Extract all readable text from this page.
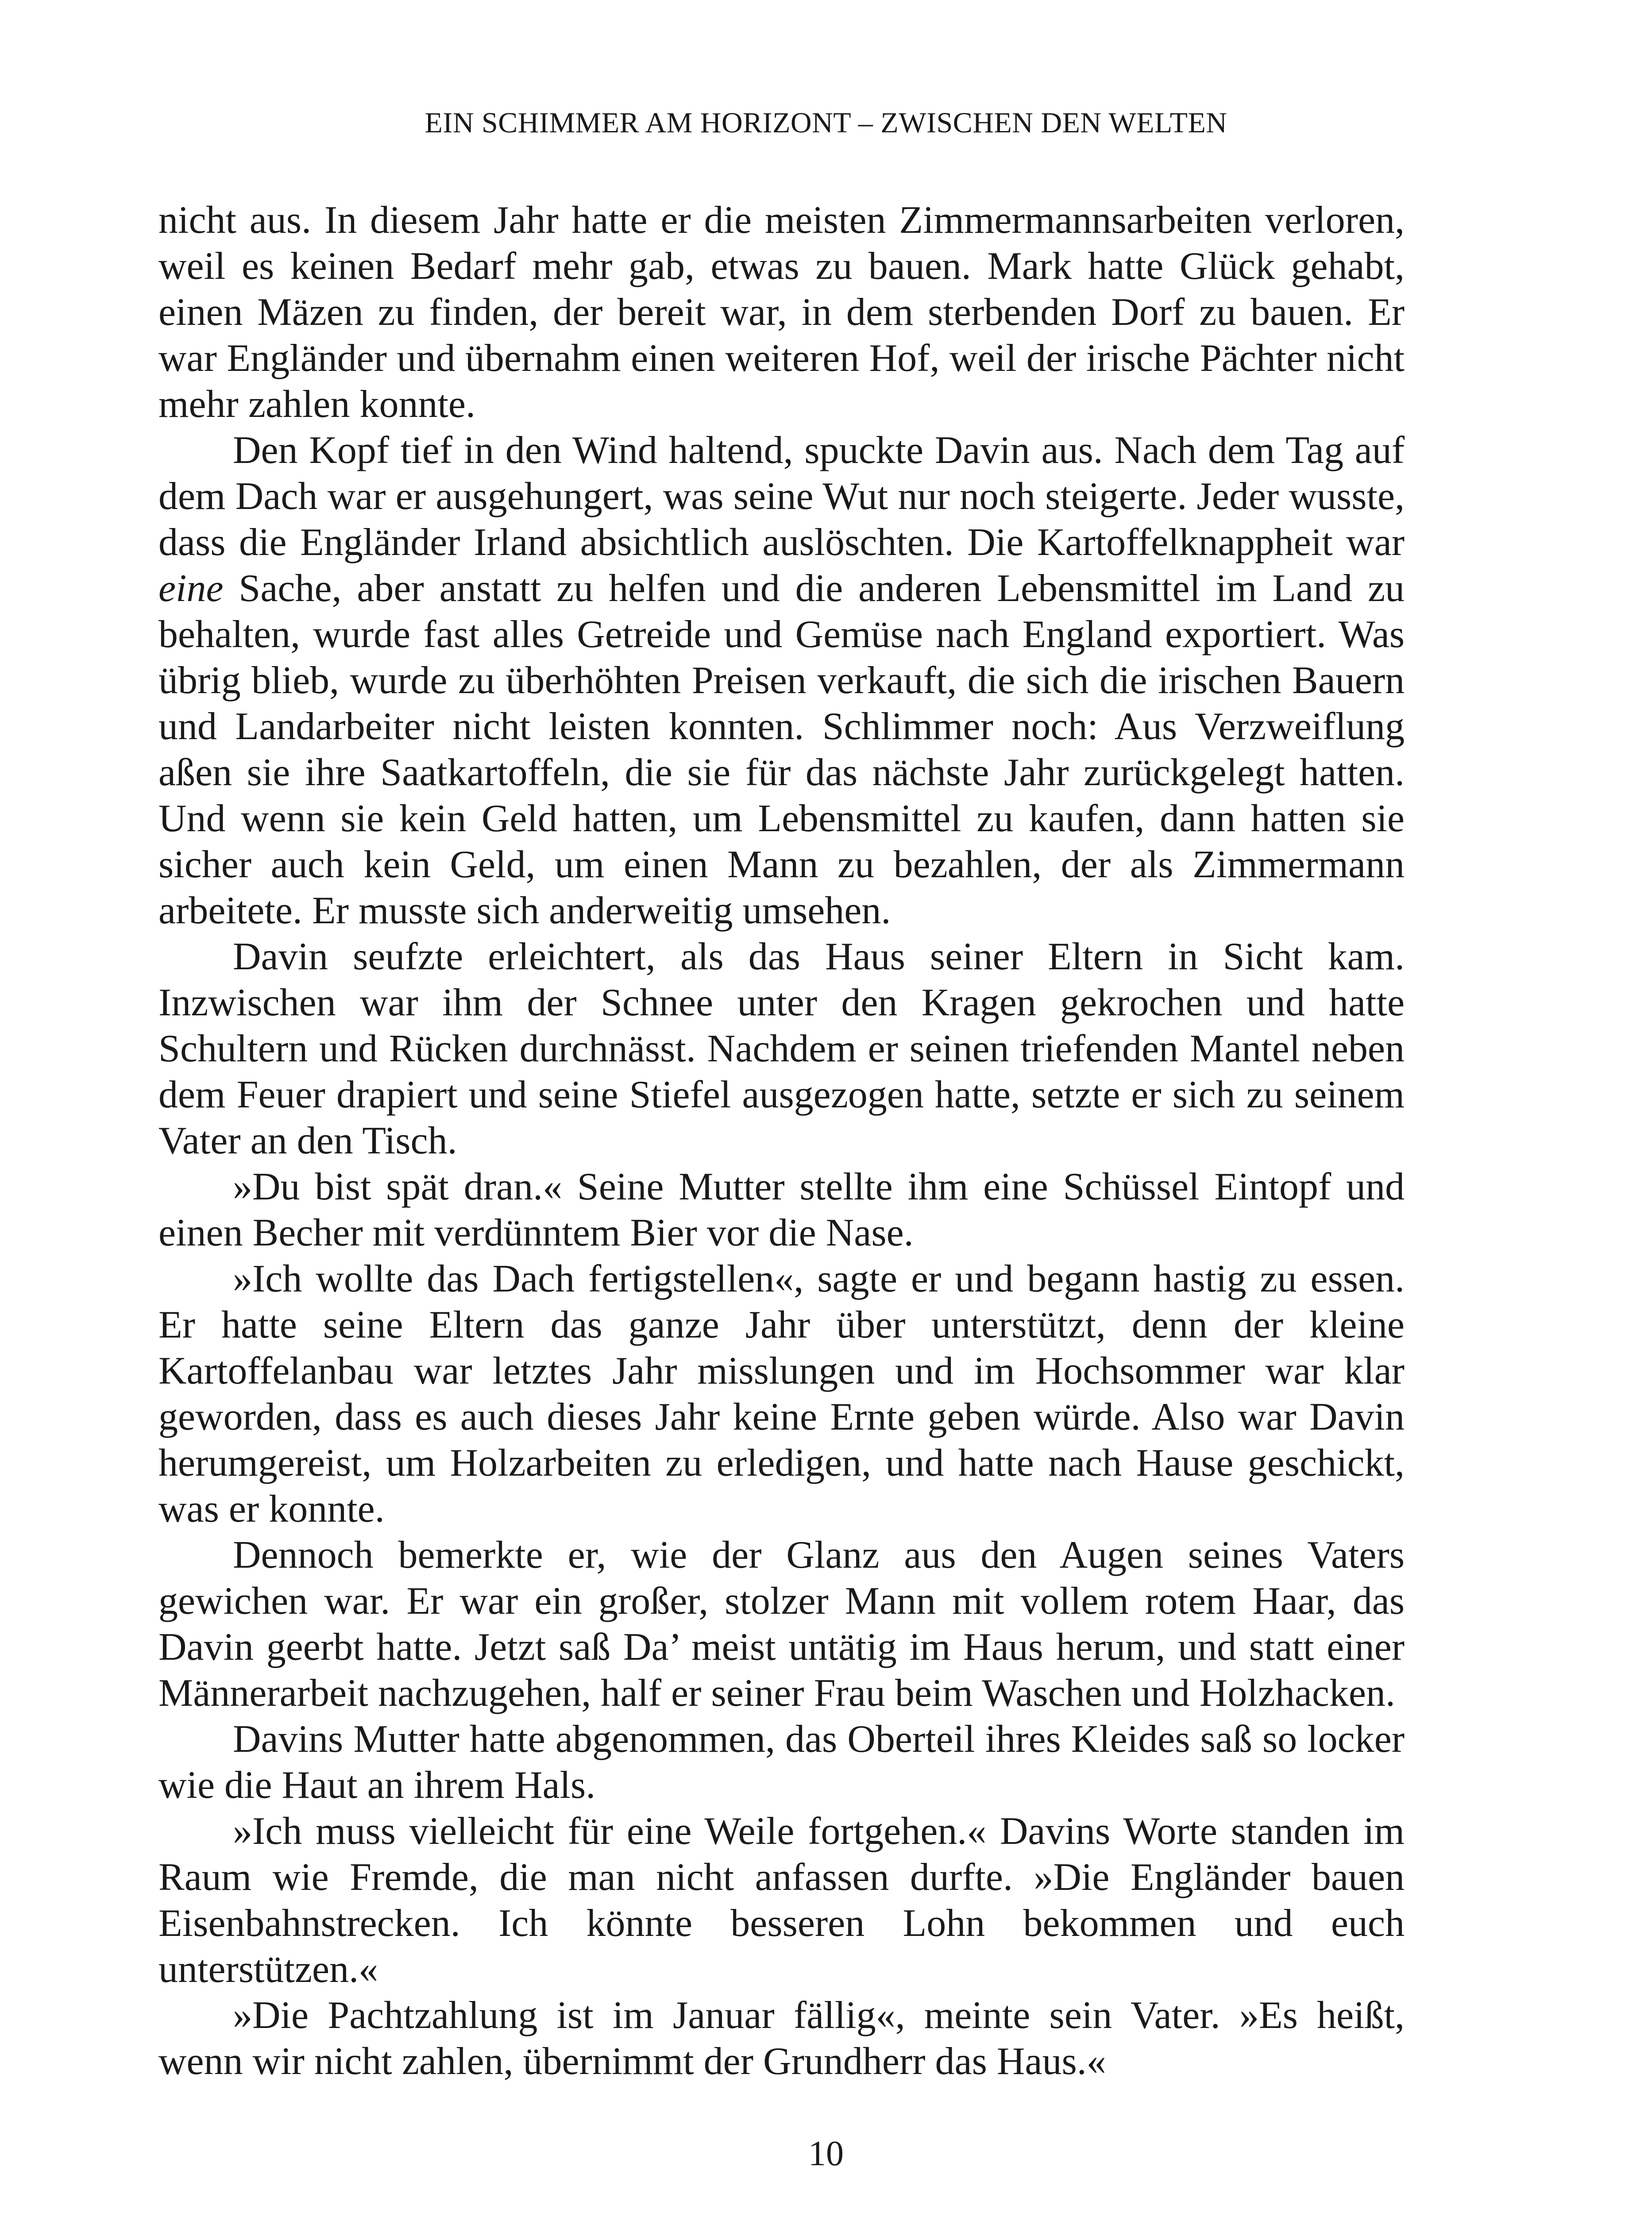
EIN SCHIMMER AM HORIZONT – ZWISCHEN DEN WELTEN

nicht aus. In diesem Jahr hatte er die meisten Zimmermannsarbeiten verloren, weil es keinen Bedarf mehr gab, etwas zu bauen. Mark hatte Glück gehabt, einen Mäzen zu finden, der bereit war, in dem sterbenden Dorf zu bauen. Er war Engländer und übernahm einen weiteren Hof, weil der irische Pächter nicht mehr zahlen konnte.

Den Kopf tief in den Wind haltend, spuckte Davin aus. Nach dem Tag auf dem Dach war er ausgehungert, was seine Wut nur noch steigerte. Jeder wusste, dass die Engländer Irland absichtlich auslöschten. Die Kartoffelknappheit war eine Sache, aber anstatt zu helfen und die anderen Lebensmittel im Land zu behalten, wurde fast alles Getreide und Gemüse nach England exportiert. Was übrig blieb, wurde zu überhöhten Preisen verkauft, die sich die irischen Bauern und Landarbeiter nicht leisten konnten. Schlimmer noch: Aus Verzweiflung aßen sie ihre Saatkartoffeln, die sie für das nächste Jahr zurückgelegt hatten. Und wenn sie kein Geld hatten, um Lebensmittel zu kaufen, dann hatten sie sicher auch kein Geld, um einen Mann zu bezahlen, der als Zimmermann arbeitete. Er musste sich anderweitig umsehen.

Davin seufzte erleichtert, als das Haus seiner Eltern in Sicht kam. Inzwischen war ihm der Schnee unter den Kragen gekrochen und hatte Schultern und Rücken durchnässt. Nachdem er seinen triefenden Mantel neben dem Feuer drapiert und seine Stiefel ausgezogen hatte, setzte er sich zu seinem Vater an den Tisch.

»Du bist spät dran.« Seine Mutter stellte ihm eine Schüssel Eintopf und einen Becher mit verdünntem Bier vor die Nase.

»Ich wollte das Dach fertigstellen«, sagte er und begann hastig zu essen. Er hatte seine Eltern das ganze Jahr über unterstützt, denn der kleine Kartoffelanbau war letztes Jahr misslungen und im Hochsommer war klar geworden, dass es auch dieses Jahr keine Ernte geben würde. Also war Davin herumgereist, um Holzarbeiten zu erledigen, und hatte nach Hause geschickt, was er konnte.

Dennoch bemerkte er, wie der Glanz aus den Augen seines Vaters gewichen war. Er war ein großer, stolzer Mann mit vollem rotem Haar, das Davin geerbt hatte. Jetzt saß Da’ meist untätig im Haus herum, und statt einer Männerarbeit nachzugehen, half er seiner Frau beim Waschen und Holzhacken.

Davins Mutter hatte abgenommen, das Oberteil ihres Kleides saß so locker wie die Haut an ihrem Hals.

»Ich muss vielleicht für eine Weile fortgehen.« Davins Worte standen im Raum wie Fremde, die man nicht anfassen durfte. »Die Engländer bauen Eisenbahnstrecken. Ich könnte besseren Lohn bekommen und euch unterstützen.«

»Die Pachtzahlung ist im Januar fällig«, meinte sein Vater. »Es heißt, wenn wir nicht zahlen, übernimmt der Grundherr das Haus.«

10
